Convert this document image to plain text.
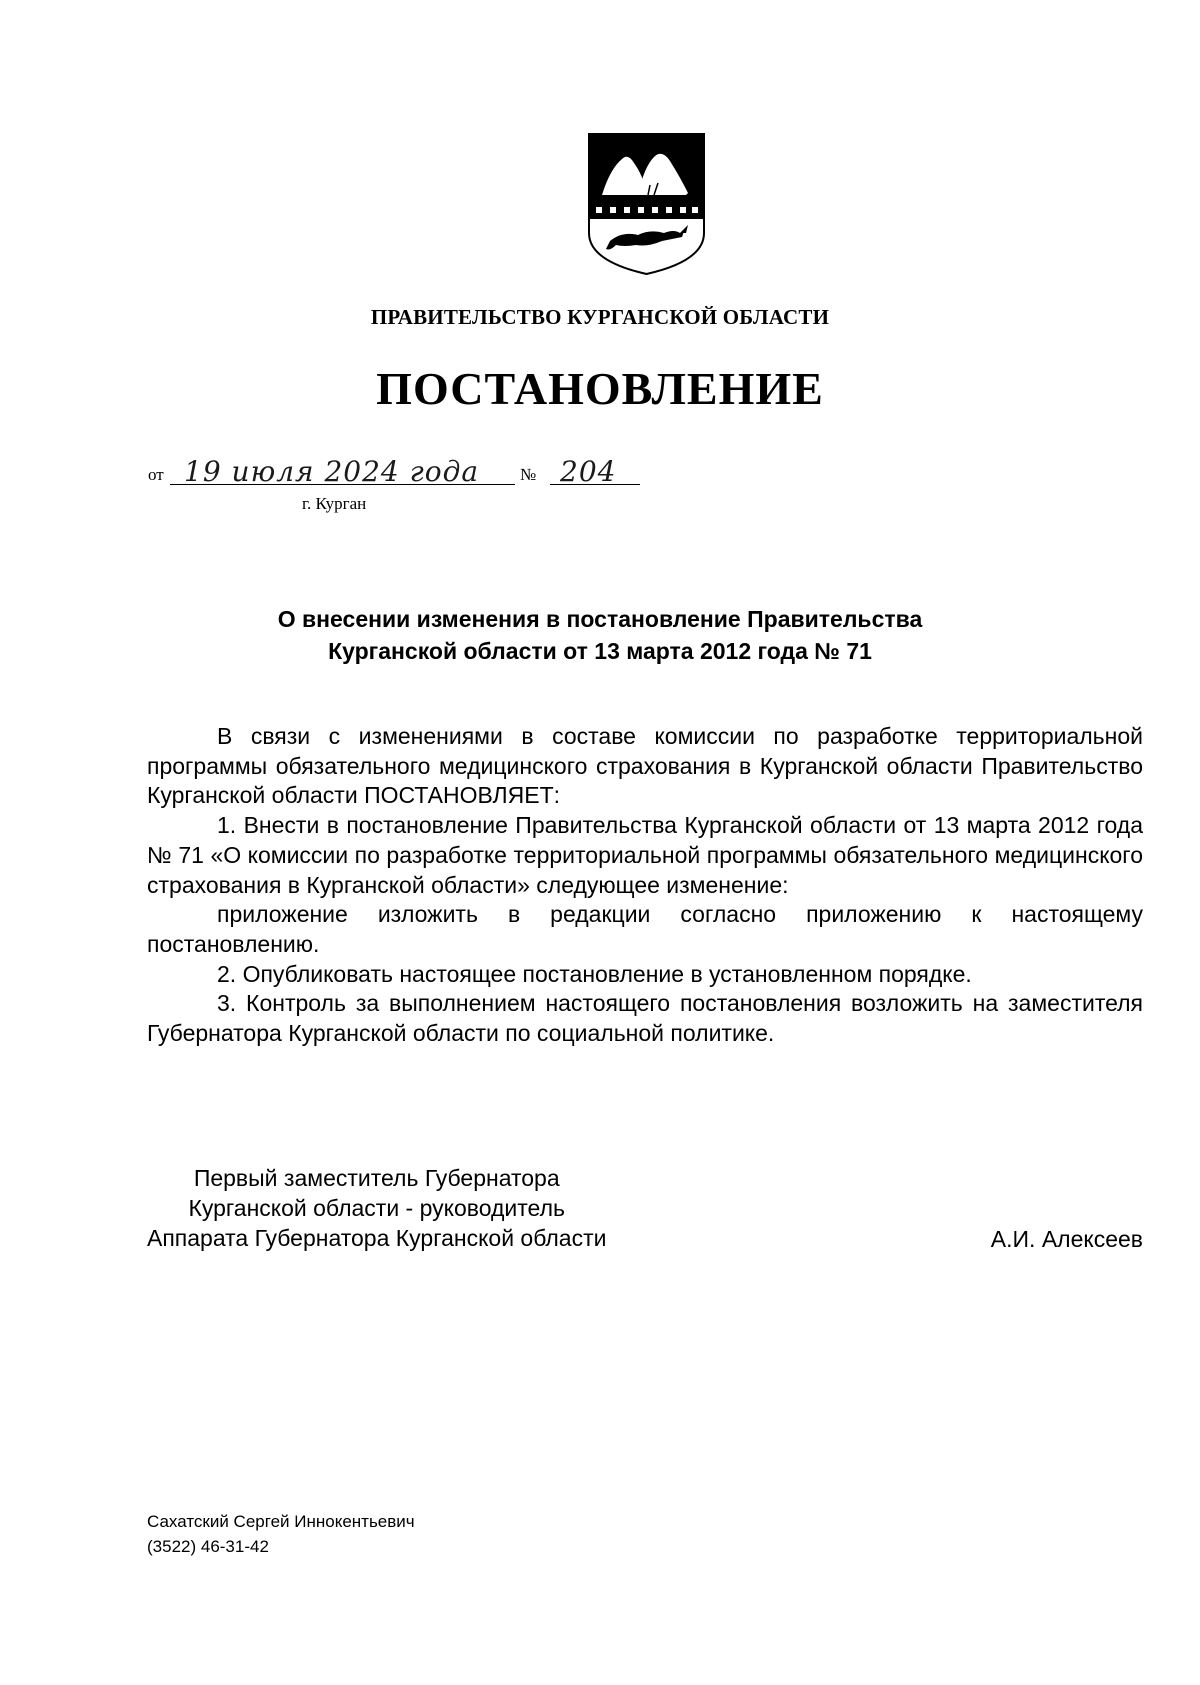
ПРАВИТЕЛЬСТВО КУРГАНСКОЙ ОБЛАСТИ
ПОСТАНОВЛЕНИЕ
от 19 июля 2024 года № 204
г. Курган
О внесении изменения в постановление Правительства
Курганской области от 13 марта 2012 года № 71

В связи с изменениями в составе комиссии по разработке территориальной программы обязательного медицинского страхования в Курганской области Правительство Курганской области ПОСТАНОВЛЯЕТ:

1. Внести в постановление Правительства Курганской области от 13 марта 2012 года № 71 «О комиссии по разработке территориальной программы обязательного медицинского страхования в Курганской области» следующее изменение:

приложение изложить в редакции согласно приложению к настоящему постановлению.

2. Опубликовать настоящее постановление в установленном порядке.

3. Контроль за выполнением настоящего постановления возложить на заместителя Губернатора Курганской области по социальной политике.

Первый заместитель Губернатора
Курганской области - руководитель
Аппарата Губернатора Курганской области	А.И. Алексеев
Сахатский Сергей Иннокентьевич
(3522) 46-31-42
